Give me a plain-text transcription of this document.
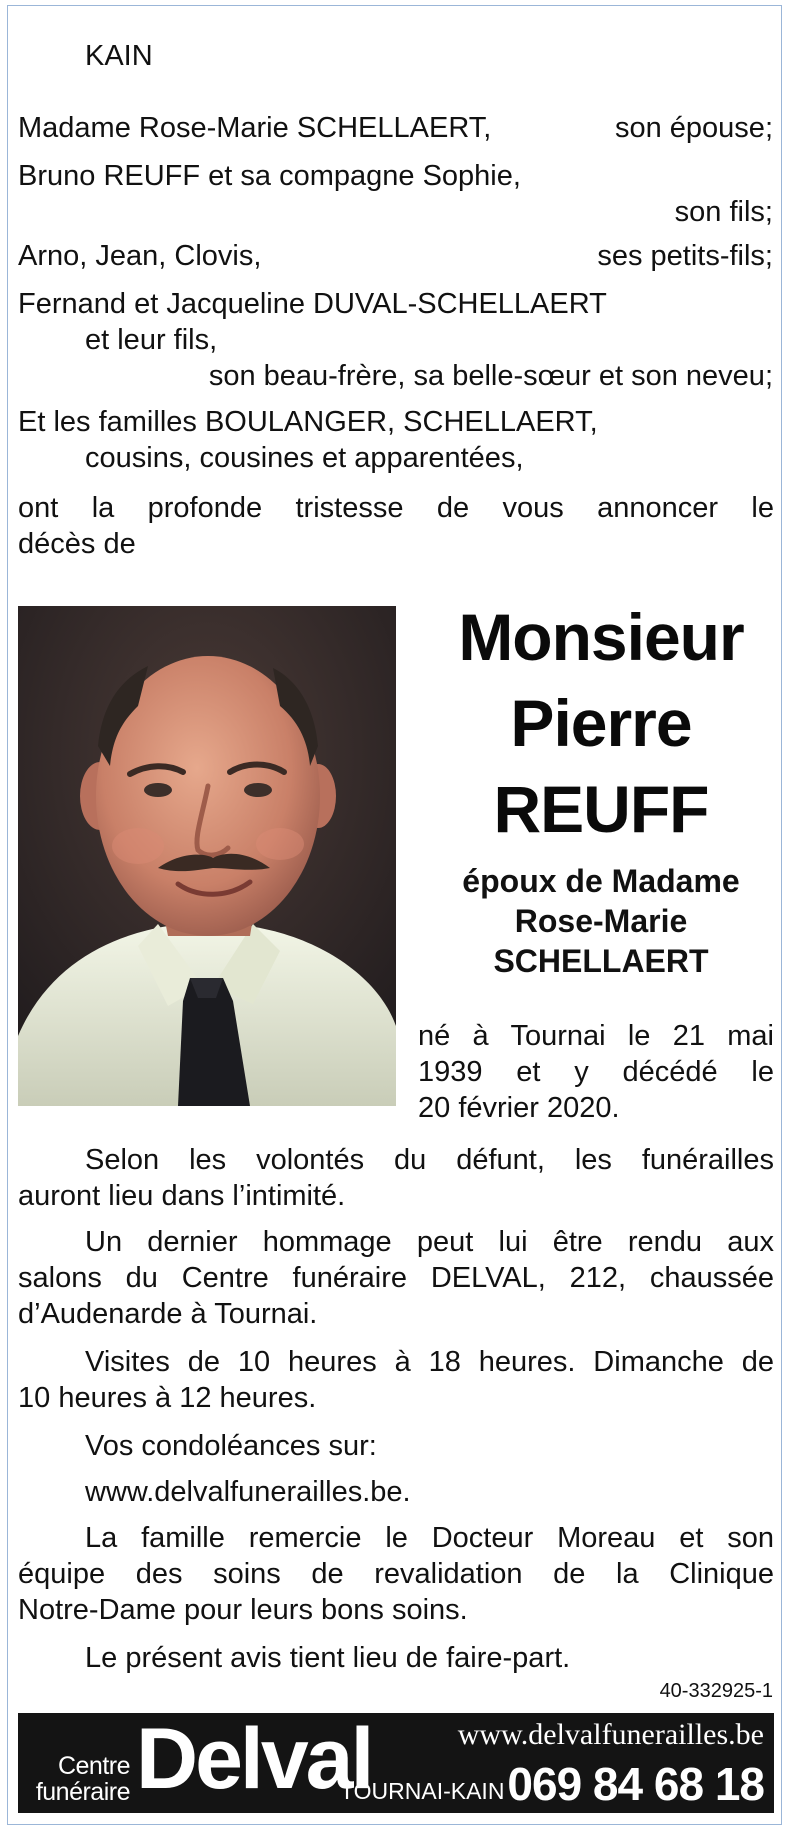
KAIN
Madame Rose-Marie SCHELLAERT,	son épouse;
Bruno REUFF et sa compagne Sophie,
son fils;
Arno, Jean, Clovis,	ses petits-fils;
Fernand et Jacqueline DUVAL-SCHELLAERT
et leur fils,
son beau-frère, sa belle-sœur et son neveu;
Et les familles BOULANGER, SCHELLAERT,
cousins, cousines et apparentées,
ont la profonde tristesse de vous annoncer le
décès de
Monsieur
Pierre
REUFF
époux de Madame
Rose-Marie
SCHELLAERT
né à Tournai le 21 mai
1939 et y décédé le
20 février 2020.
Selon les volontés du défunt, les funérailles
auront lieu dans l’intimité.
Un dernier hommage peut lui être rendu aux
salons du Centre funéraire DELVAL, 212, chaussée
d’Audenarde à Tournai.
Visites de 10 heures à 18 heures. Dimanche de
10 heures à 12 heures.
Vos condoléances sur:
www.delvalfunerailles.be.
La famille remercie le Docteur Moreau et son
équipe des soins de revalidation de la Clinique
Notre-Dame pour leurs bons soins.
Le présent avis tient lieu de faire-part.
40-332925-1
Centre
funéraire Delval
TOURNAI-KAIN
www.delvalfunerailles.be
069 84 68 18
